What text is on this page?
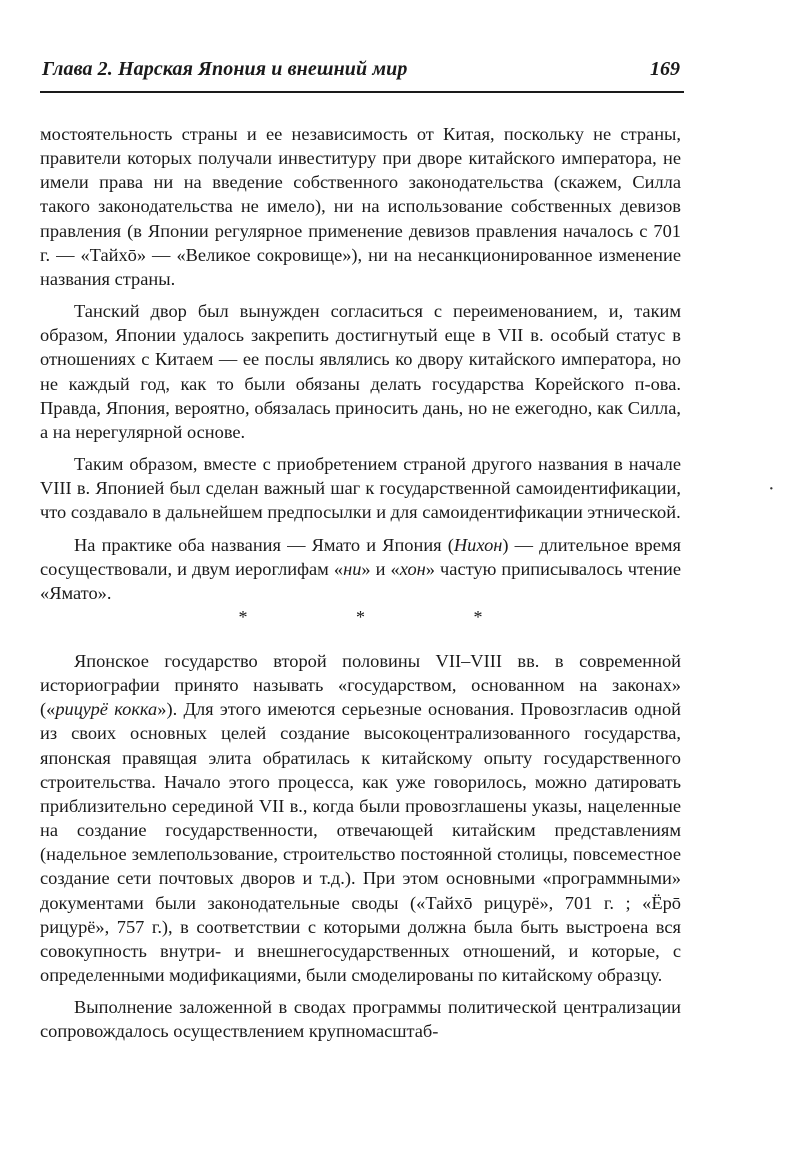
Глава 2. Нарская Япония и внешний мир	169

мостоятельность страны и ее независимость от Китая, поскольку не страны, правители которых получали инвеституру при дворе китайского императора, не имели права ни на введение собственного законодательства (скажем, Силла такого законодательства не имело), ни на использование собственных девизов правления (в Японии регулярное применение девизов правления началось с 701 г. — «Тайхō» — «Великое сокровище»), ни на несанкционированное изменение названия страны.

Танский двор был вынужден согласиться с переименованием, и, таким образом, Японии удалось закрепить достигнутый еще в VII в. особый статус в отношениях с Китаем — ее послы являлись ко двору китайского императора, но не каждый год, как то были обязаны делать государства Корейского п-ова. Правда, Япония, вероятно, обязалась приносить дань, но не ежегодно, как Силла, а на нерегулярной основе.

Таким образом, вместе с приобретением страной другого названия в начале VIII в. Японией был сделан важный шаг к государственной самоидентификации, что создавало в дальнейшем предпосылки и для самоидентификации этнической.

На практике оба названия — Ямато и Япония (Нихон) — длительное время сосуществовали, и двум иероглифам «ни» и «хон» частую приписывалось чтение «Ямато».

* * *

Японское государство второй половины VII–VIII вв. в современной историографии принято называть «государством, основанном на законах» («рицурё кокка»). Для этого имеются серьезные основания. Провозгласив одной из своих основных целей создание высокоцентрализованного государства, японская правящая элита обратилась к китайскому опыту государственного строительства. Начало этого процесса, как уже говорилось, можно датировать приблизительно серединой VII в., когда были провозглашены указы, нацеленные на создание государственности, отвечающей китайским представлениям (надельное землепользование, строительство постоянной столицы, повсеместное создание сети почтовых дворов и т.д.). При этом основными «программными» документами были законодательные своды («Тайхō рицурё», 701 г. ; «Ёрō рицурё», 757 г.), в соответствии с которыми должна была быть выстроена вся совокупность внутри- и внешнегосударственных отношений, и которые, с определенными модификациями, были смоделированы по китайскому образцу.

Выполнение заложенной в сводах программы политической централизации сопровождалось осуществлением крупномасштаб-

·
